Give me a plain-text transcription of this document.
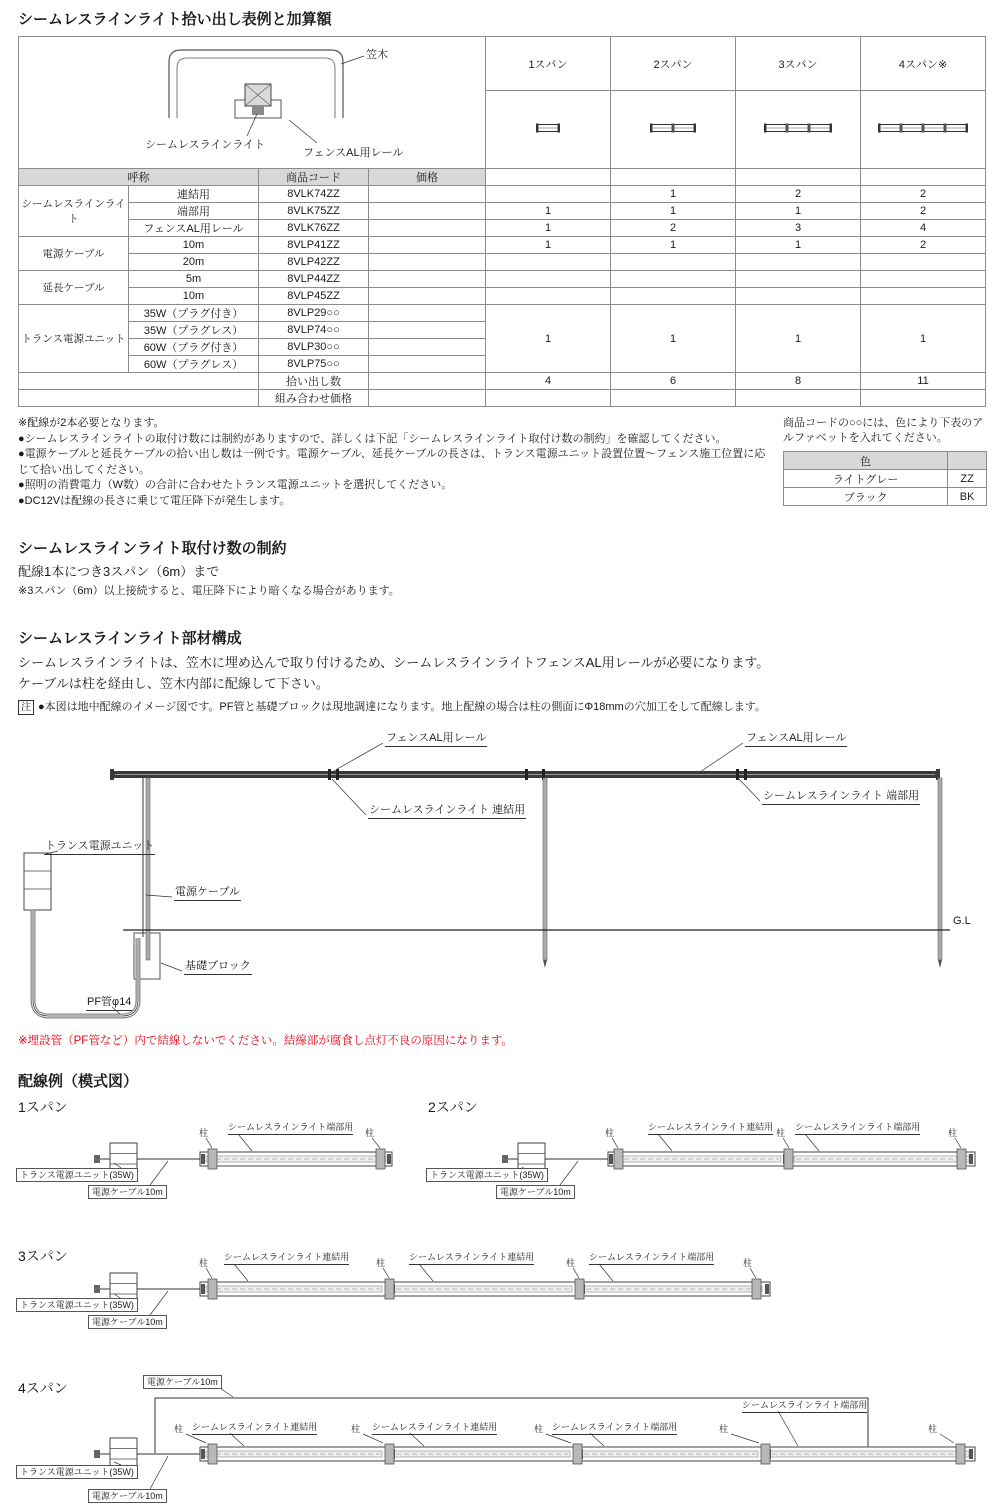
シームレスラインライト拾い出し表例と加算額
笠木
シームレスラインライト
フェンスAL用レール				1スパン	2スパン	3スパン	4スパン※

呼称		商品コード	価格				
シームレスラインライト	連結用	8VLK74ZZ			1	2	2
	端部用	8VLK75ZZ		1	1	1	2
	フェンスAL用レール	8VLK76ZZ		1	2	3	4
電源ケーブル	10m	8VLP41ZZ		1	1	1	2
	20m	8VLP42ZZ					
延長ケーブル	5m	8VLP44ZZ					
	10m	8VLP45ZZ					
トランス電源ユニット	35W（プラグ付き）	8VLP29○○		1	1	1	1
	35W（プラグレス）	8VLP74○○					
	60W（プラグ付き）	8VLP30○○					
	60W（プラグレス）	8VLP75○○					
		拾い出し数		4	6	8	11
		組み合わせ価格					
※配線が2本必要となります。
●シームレスラインライトの取付け数には制約がありますので、詳しくは下記「シームレスラインライト取付け数の制約」を確認してください。
●電源ケーブルと延長ケーブルの拾い出し数は一例です。電源ケーブル、延長ケーブルの長さは、トランス電源ユニット設置位置～フェンス施工位置に応じて拾い出してください。
●照明の消費電力（W数）の合計に合わせたトランス電源ユニットを選択してください。
●DC12Vは配線の長さに乗じて電圧降下が発生します。
商品コードの○○には、色により下表のアルファベットを入れてください。
色	
ライトグレー	ZZ
ブラック	BK
シームレスラインライト取付け数の制約
配線1本につき3スパン（6m）まで
※3スパン（6m）以上接続すると、電圧降下により暗くなる場合があります。
シームレスラインライト部材構成
シームレスラインライトは、笠木に埋め込んで取り付けるため、シームレスラインライトフェンスAL用レールが必要になります。
ケーブルは柱を経由し、笠木内部に配線して下さい。
注 ●本図は地中配線のイメージ図です。PF管と基礎ブロックは現地調達になります。地上配線の場合は柱の側面にΦ18mmの穴加工をして配線します。
フェンスAL用レール	フェンスAL用レール
シームレスラインライト 連結用
シームレスラインライト 端部用
トランス電源ユニット
電源ケーブル
基礎ブロック
PF管φ14
G.L
※埋設管（PF管など）内で結線しないでください。結線部が腐食し点灯不良の原因になります。
配線例（模式図）
1スパン	2スパン
3スパン
4スパン
柱	柱
シームレスラインライト端部用
トランス電源ユニット(35W)
電源ケーブル10m
柱	柱	柱
シームレスラインライト連結用 シームレスラインライト端部用
トランス電源ユニット(35W)
電源ケーブル10m
柱	柱	柱	柱
シームレスラインライト連結用	シームレスラインライト連結用	シームレスラインライト端部用
トランス電源ユニット(35W)
電源ケーブル10m
電源ケーブル10m
柱	柱	柱	柱	柱
シームレスラインライト連結用	シームレスラインライト連結用	シームレスラインライト端部用
シームレスラインライト端部用
トランス電源ユニット(35W)
電源ケーブル10m
